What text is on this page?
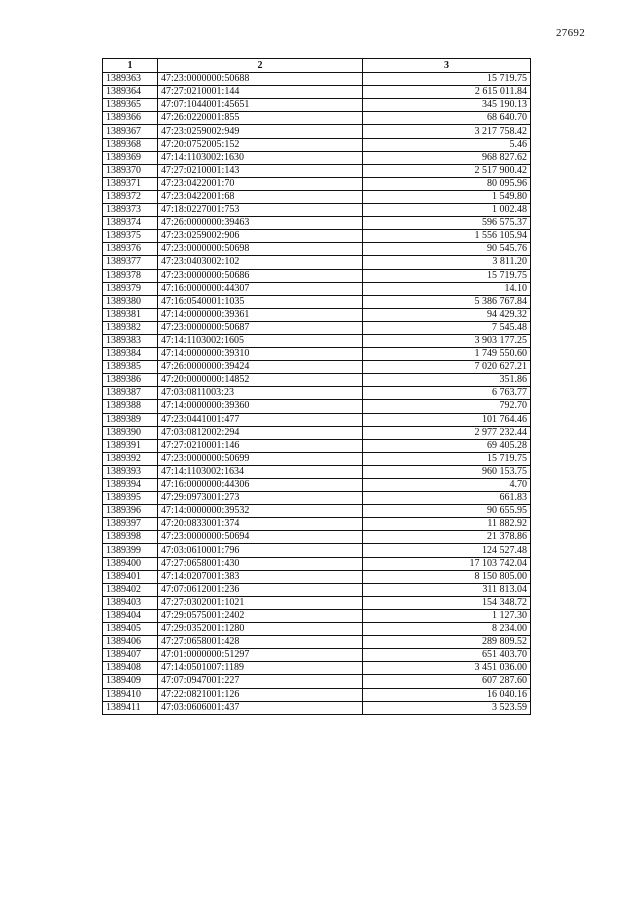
27692
1	2	3
1389363	47:23:0000000:50688	15 719.75
1389364	47:27:0210001:144	2 615 011.84
1389365	47:07:1044001:45651	345 190.13
1389366	47:26:0220001:855	68 640.70
1389367	47:23:0259002:949	3 217 758.42
1389368	47:20:0752005:152	5.46
1389369	47:14:1103002:1630	968 827.62
1389370	47:27:0210001:143	2 517 900.42
1389371	47:23:0422001:70	80 095.96
1389372	47:23:0422001:68	1 549.80
1389373	47:18:0227001:753	1 002.48
1389374	47:26:0000000:39463	596 575.37
1389375	47:23:0259002:906	1 556 105.94
1389376	47:23:0000000:50698	90 545.76
1389377	47:23:0403002:102	3 811.20
1389378	47:23:0000000:50686	15 719.75
1389379	47:16:0000000:44307	14.10
1389380	47:16:0540001:1035	5 386 767.84
1389381	47:14:0000000:39361	94 429.32
1389382	47:23:0000000:50687	7 545.48
1389383	47:14:1103002:1605	3 903 177.25
1389384	47:14:0000000:39310	1 749 550.60
1389385	47:26:0000000:39424	7 020 627.21
1389386	47:20:0000000:14852	351.86
1389387	47:03:0811003:23	6 763.77
1389388	47:14:0000000:39360	792.70
1389389	47:23:0441001:477	101 764.46
1389390	47:03:0812002:294	2 977 232.44
1389391	47:27:0210001:146	69 405.28
1389392	47:23:0000000:50699	15 719.75
1389393	47:14:1103002:1634	960 153.75
1389394	47:16:0000000:44306	4.70
1389395	47:29:0973001:273	661.83
1389396	47:14:0000000:39532	90 655.95
1389397	47:20:0833001:374	11 882.92
1389398	47:23:0000000:50694	21 378.86
1389399	47:03:0610001:796	124 527.48
1389400	47:27:0658001:430	17 103 742.04
1389401	47:14:0207001:383	8 150 805.00
1389402	47:07:0612001:236	311 813.04
1389403	47:27:0302001:1021	154 348.72
1389404	47:29:0575001:2402	1 127.30
1389405	47:29:0352001:1280	8 234.00
1389406	47:27:0658001:428	289 809.52
1389407	47:01:0000000:51297	651 403.70
1389408	47:14:0501007:1189	3 451 036.00
1389409	47:07:0947001:227	607 287.60
1389410	47:22:0821001:126	16 040.16
1389411	47:03:0606001:437	3 523.59
